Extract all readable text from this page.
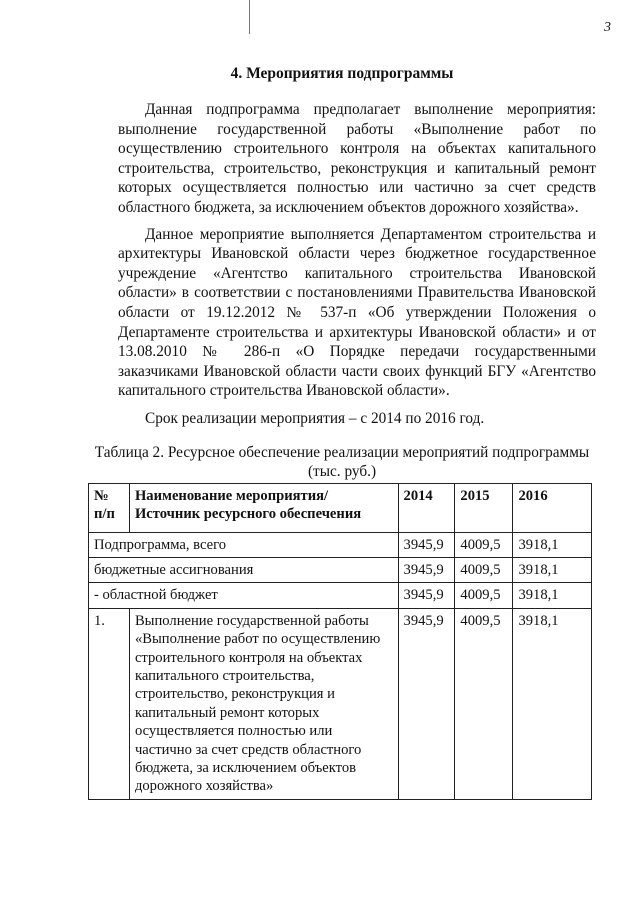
3
4. Мероприятия подпрограммы
Данная подпрограмма предполагает выполнение мероприятия: выполнение государственной работы «Выполнение работ по осуществлению строительного контроля на объектах капитального строительства, строительство, реконструкция и капитальный ремонт которых осуществляется полностью или частично за счет средств областного бюджета, за исключением объектов дорожного хозяйства».
Данное мероприятие выполняется Департаментом строительства и архитектуры Ивановской области через бюджетное государственное учреждение «Агентство капитального строительства Ивановской области» в соответствии с постановлениями Правительства Ивановской области от 19.12.2012 № 537-п «Об утверждении Положения о Департаменте строительства и архитектуры Ивановской области» и от 13.08.2010 № 286-п «О Порядке передачи государственными заказчиками Ивановской области части своих функций БГУ «Агентство капитального строительства Ивановской области».
Срок реализации мероприятия – с 2014 по 2016 год.
Таблица 2. Ресурсное обеспечение реализации мероприятий подпрограммы
(тыс. руб.)
№ п/п	Наименование мероприятия/ Источник ресурсного обеспечения	2014	2015	2016
Подпрограмма, всего		3945,9	4009,5	3918,1
бюджетные ассигнования		3945,9	4009,5	3918,1
- областной бюджет		3945,9	4009,5	3918,1
1.	Выполнение государственной работы «Выполнение работ по осуществлению строительного контроля на объектах капитального строительства, строительство, реконструкция и капитальный ремонт которых осуществляется полностью или частично за счет средств областного бюджета, за исключением объектов дорожного хозяйства»	3945,9	4009,5	3918,1
